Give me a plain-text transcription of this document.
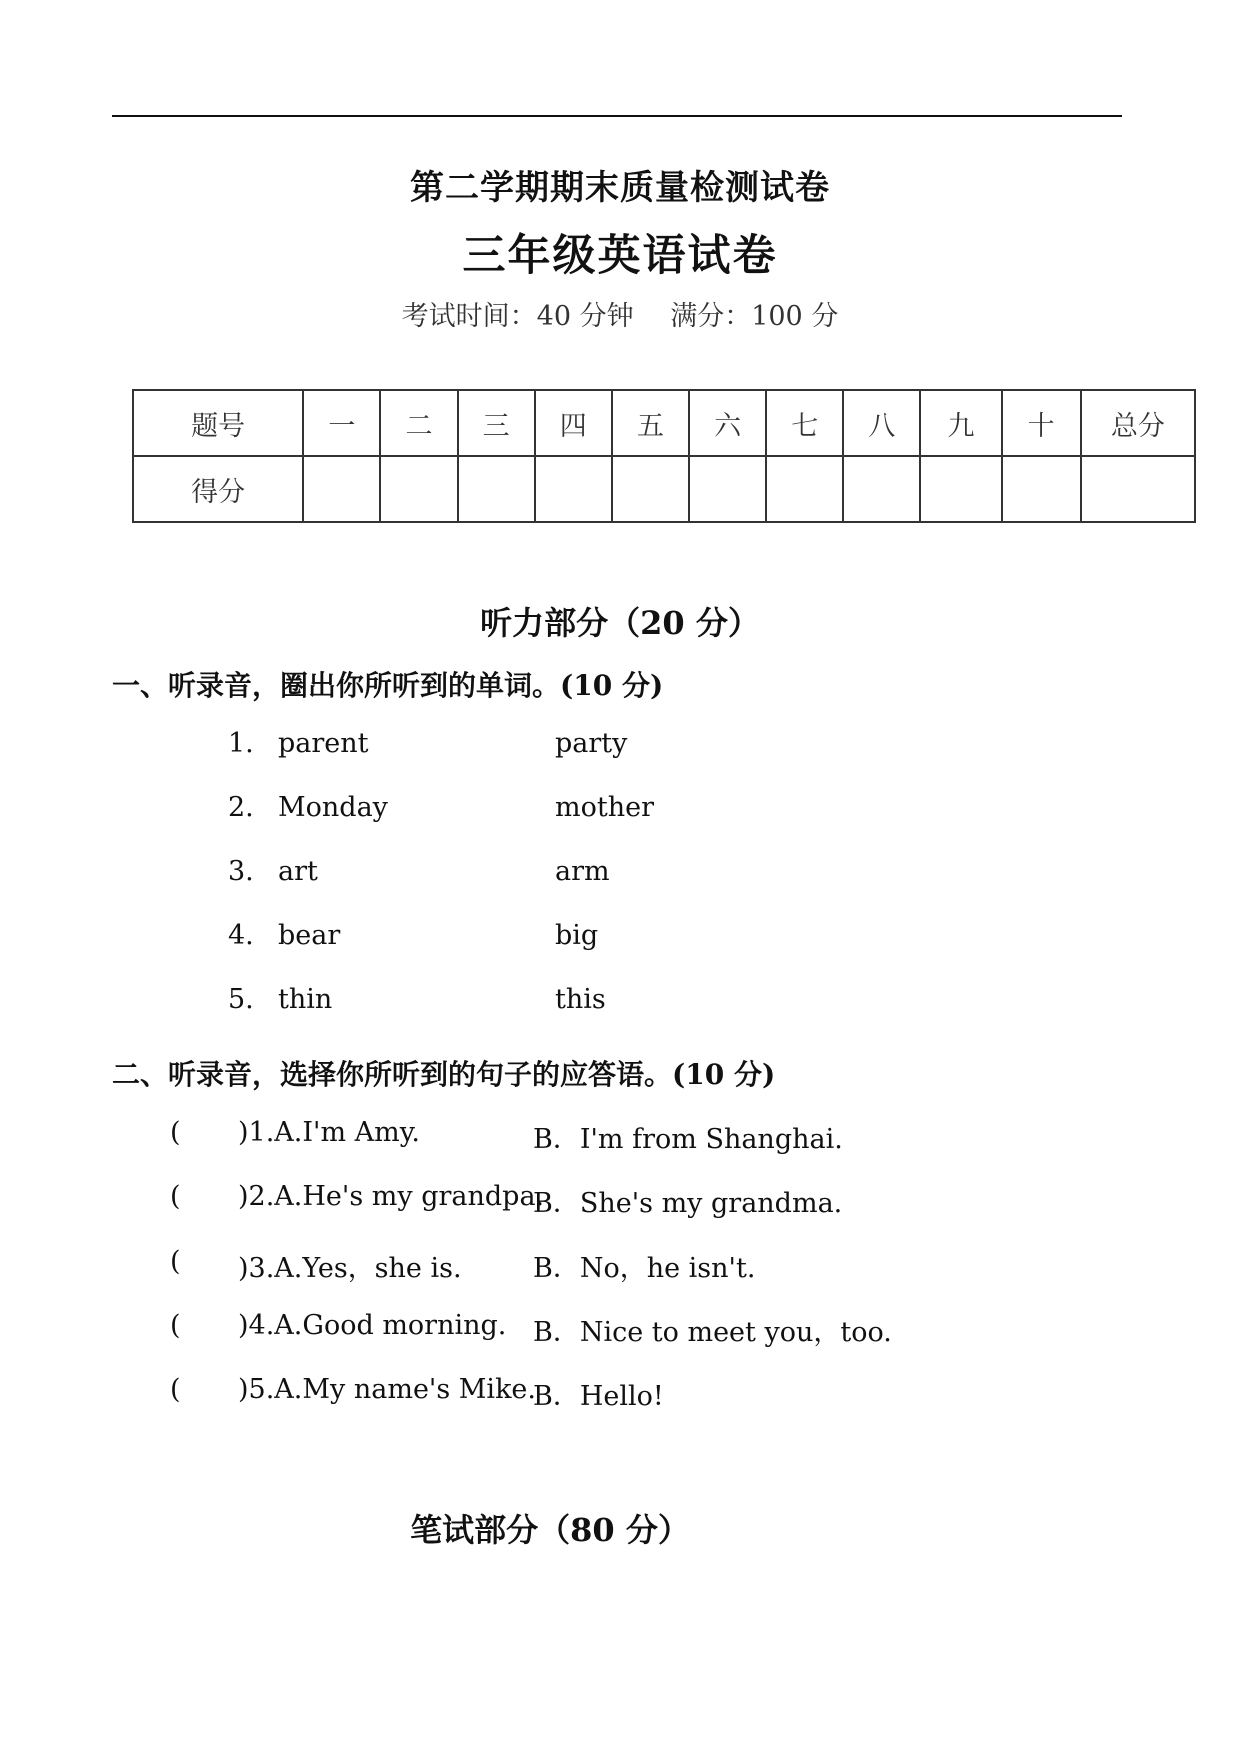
第二学期期末质量检测试卷
三年级英语试卷
考试时间：40 分钟 满分：100 分
题号	一	二	三	四	五	六	七	八	九	十	总分
得分											
听力部分（20 分）
一、听录音，圈出你所听到的单词。(10 分)
1. parent	party
2. Monday	mother
3. art	arm
4. bear	big
5. thin	this
二、听录音，选择你所听到的句子的应答语。(10 分)
( )1.A.I'm Amy.	B．I'm from Shanghai.
( )2.A.He's my grandpa.
B．She's my grandma.
( )3.A.Yes，she is.	B．No，he isn't.
( )4.A.Good morning. B．Nice to meet you，too.
( )5.A.My name's Mike.
B．Hello!
笔试部分（80 分）
